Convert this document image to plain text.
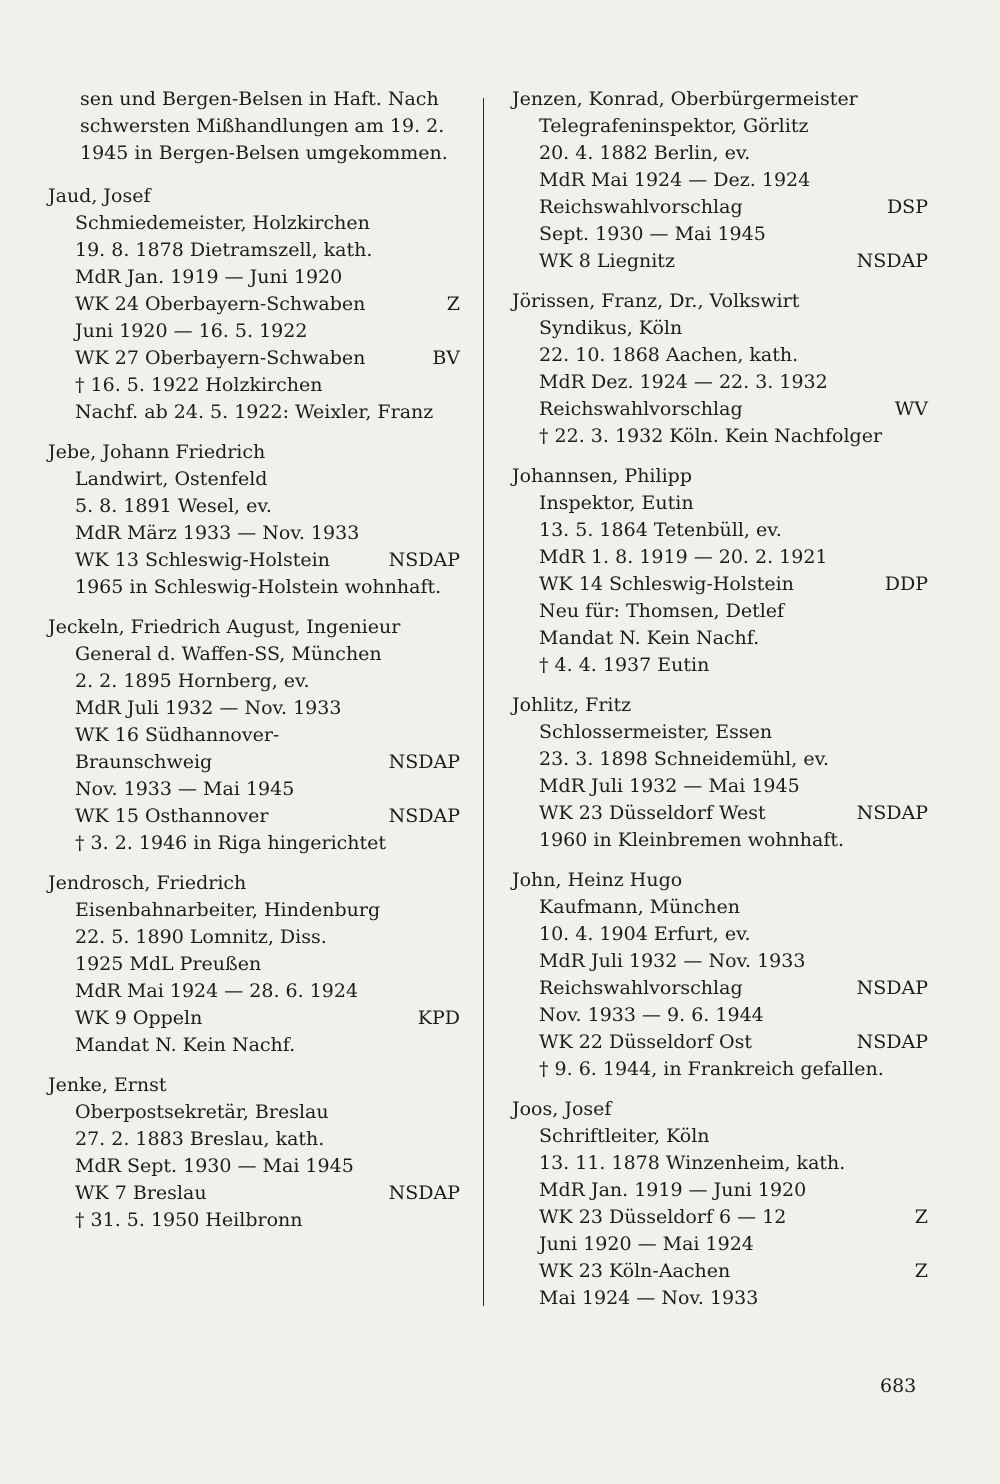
sen und Bergen-Belsen in Haft. Nach
schwersten Mißhandlungen am 19. 2.
1945 in Bergen-Belsen umgekommen.
Jaud, Josef
Schmiedemeister, Holzkirchen
19. 8. 1878 Dietramszell, kath.
MdR Jan. 1919 — Juni 1920
WK 24 Oberbayern-Schwaben	Z
Juni 1920 — 16. 5. 1922
WK 27 Oberbayern-Schwaben	BV
† 16. 5. 1922 Holzkirchen
Nachf. ab 24. 5. 1922: Weixler, Franz
Jebe, Johann Friedrich
Landwirt, Ostenfeld
5. 8. 1891 Wesel, ev.
MdR März 1933 — Nov. 1933
WK 13 Schleswig-Holstein	NSDAP
1965 in Schleswig-Holstein wohnhaft.
Jeckeln, Friedrich August, Ingenieur
General d. Waffen-SS, München
2. 2. 1895 Hornberg, ev.
MdR Juli 1932 — Nov. 1933
WK 16 Südhannover-
Braunschweig	NSDAP
Nov. 1933 — Mai 1945
WK 15 Osthannover	NSDAP
† 3. 2. 1946 in Riga hingerichtet
Jendrosch, Friedrich
Eisenbahnarbeiter, Hindenburg
22. 5. 1890 Lomnitz, Diss.
1925 MdL Preußen
MdR Mai 1924 — 28. 6. 1924
WK 9 Oppeln	KPD
Mandat N. Kein Nachf.
Jenke, Ernst
Oberpostsekretär, Breslau
27. 2. 1883 Breslau, kath.
MdR Sept. 1930 — Mai 1945
WK 7 Breslau	NSDAP
† 31. 5. 1950 Heilbronn
Jenzen, Konrad, Oberbürgermeister
Telegrafeninspektor, Görlitz
20. 4. 1882 Berlin, ev.
MdR Mai 1924 — Dez. 1924
Reichswahlvorschlag	DSP
Sept. 1930 — Mai 1945
WK 8 Liegnitz	NSDAP
Jörissen, Franz, Dr., Volkswirt
Syndikus, Köln
22. 10. 1868 Aachen, kath.
MdR Dez. 1924 — 22. 3. 1932
Reichswahlvorschlag	WV
† 22. 3. 1932 Köln. Kein Nachfolger
Johannsen, Philipp
Inspektor, Eutin
13. 5. 1864 Tetenbüll, ev.
MdR 1. 8. 1919 — 20. 2. 1921
WK 14 Schleswig-Holstein	DDP
Neu für: Thomsen, Detlef
Mandat N. Kein Nachf.
† 4. 4. 1937 Eutin
Johlitz, Fritz
Schlossermeister, Essen
23. 3. 1898 Schneidemühl, ev.
MdR Juli 1932 — Mai 1945
WK 23 Düsseldorf West	NSDAP
1960 in Kleinbremen wohnhaft.
John, Heinz Hugo
Kaufmann, München
10. 4. 1904 Erfurt, ev.
MdR Juli 1932 — Nov. 1933
Reichswahlvorschlag	NSDAP
Nov. 1933 — 9. 6. 1944
WK 22 Düsseldorf Ost	NSDAP
† 9. 6. 1944, in Frankreich gefallen.
Joos, Josef
Schriftleiter, Köln
13. 11. 1878 Winzenheim, kath.
MdR Jan. 1919 — Juni 1920
WK 23 Düsseldorf 6 — 12	Z
Juni 1920 — Mai 1924
WK 23 Köln-Aachen	Z
Mai 1924 — Nov. 1933
683
